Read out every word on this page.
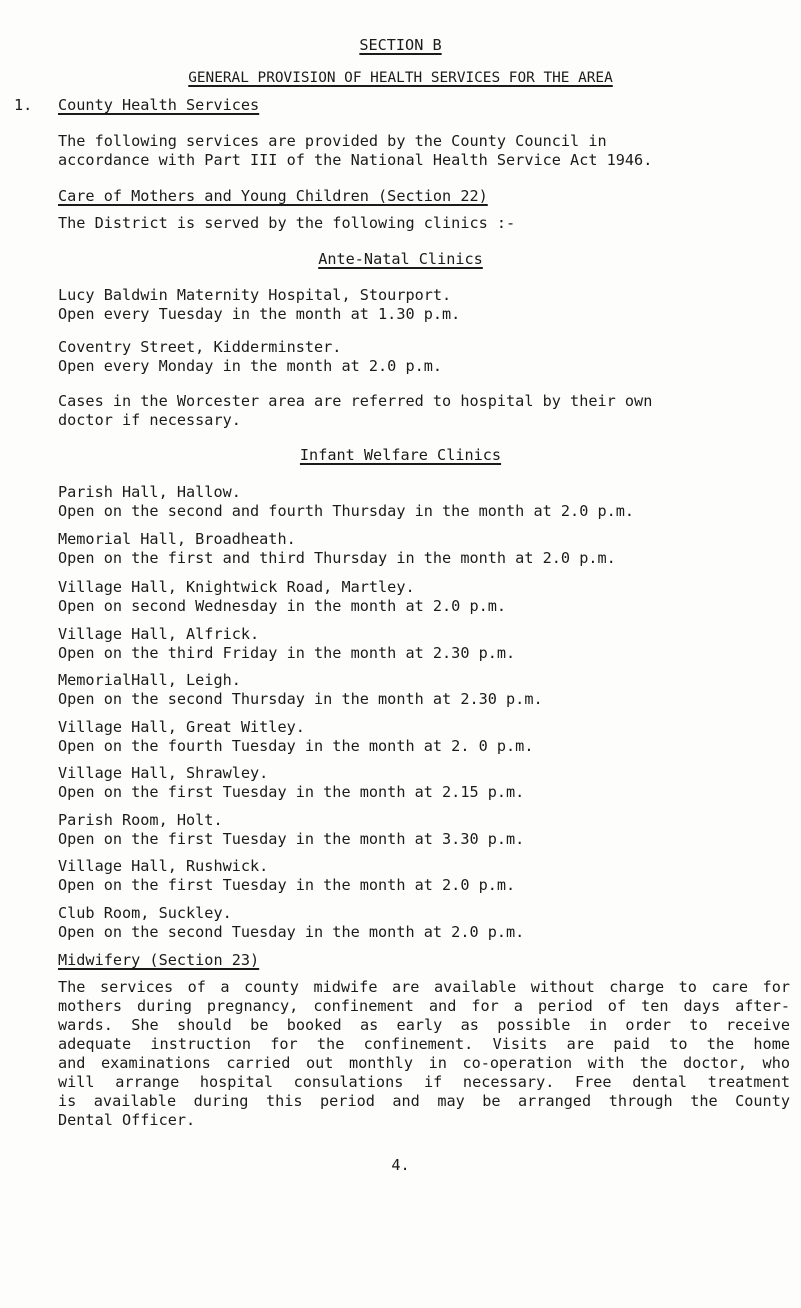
SECTION B
GENERAL PROVISION OF HEALTH SERVICES FOR THE AREA
1. County Health Services
The following services are provided by the County Council in
accordance with Part III of the National Health Service Act 1946.
Care of Mothers and Young Children (Section 22)
The District is served by the following clinics :-
Ante-Natal Clinics
Lucy Baldwin Maternity Hospital, Stourport.
Open every Tuesday in the month at 1.30 p.m.
Coventry Street, Kidderminster.
Open every Monday in the month at 2.0 p.m.
Cases in the Worcester area are referred to hospital by their own
doctor if necessary.
Infant Welfare Clinics
Parish Hall, Hallow.
Open on the second and fourth Thursday in the month at 2.0 p.m.
Memorial Hall, Broadheath.
Open on the first and third Thursday in the month at 2.0 p.m.
Village Hall, Knightwick Road, Martley.
Open on second Wednesday in the month at 2.0 p.m.
Village Hall, Alfrick.
Open on the third Friday in the month at 2.30 p.m.
MemorialHall, Leigh.
Open on the second Thursday in the month at 2.30 p.m.
Village Hall, Great Witley.
Open on the fourth Tuesday in the month at 2. 0 p.m.
Village Hall, Shrawley.
Open on the first Tuesday in the month at 2.15 p.m.
Parish Room, Holt.
Open on the first Tuesday in the month at 3.30 p.m.
Village Hall, Rushwick.
Open on the first Tuesday in the month at 2.0 p.m.
Club Room, Suckley.
Open on the second Tuesday in the month at 2.0 p.m.
Midwifery (Section 23)
The services of a county midwife are available without charge to care for
mothers during pregnancy, confinement and for a period of ten days after-
wards. She should be booked as early as possible in order to receive
adequate instruction for the confinement. Visits are paid to the home
and examinations carried out monthly in co-operation with the doctor, who
will arrange hospital consulations if necessary. Free dental treatment
is available during this period and may be arranged through the County
Dental Officer.
4.
